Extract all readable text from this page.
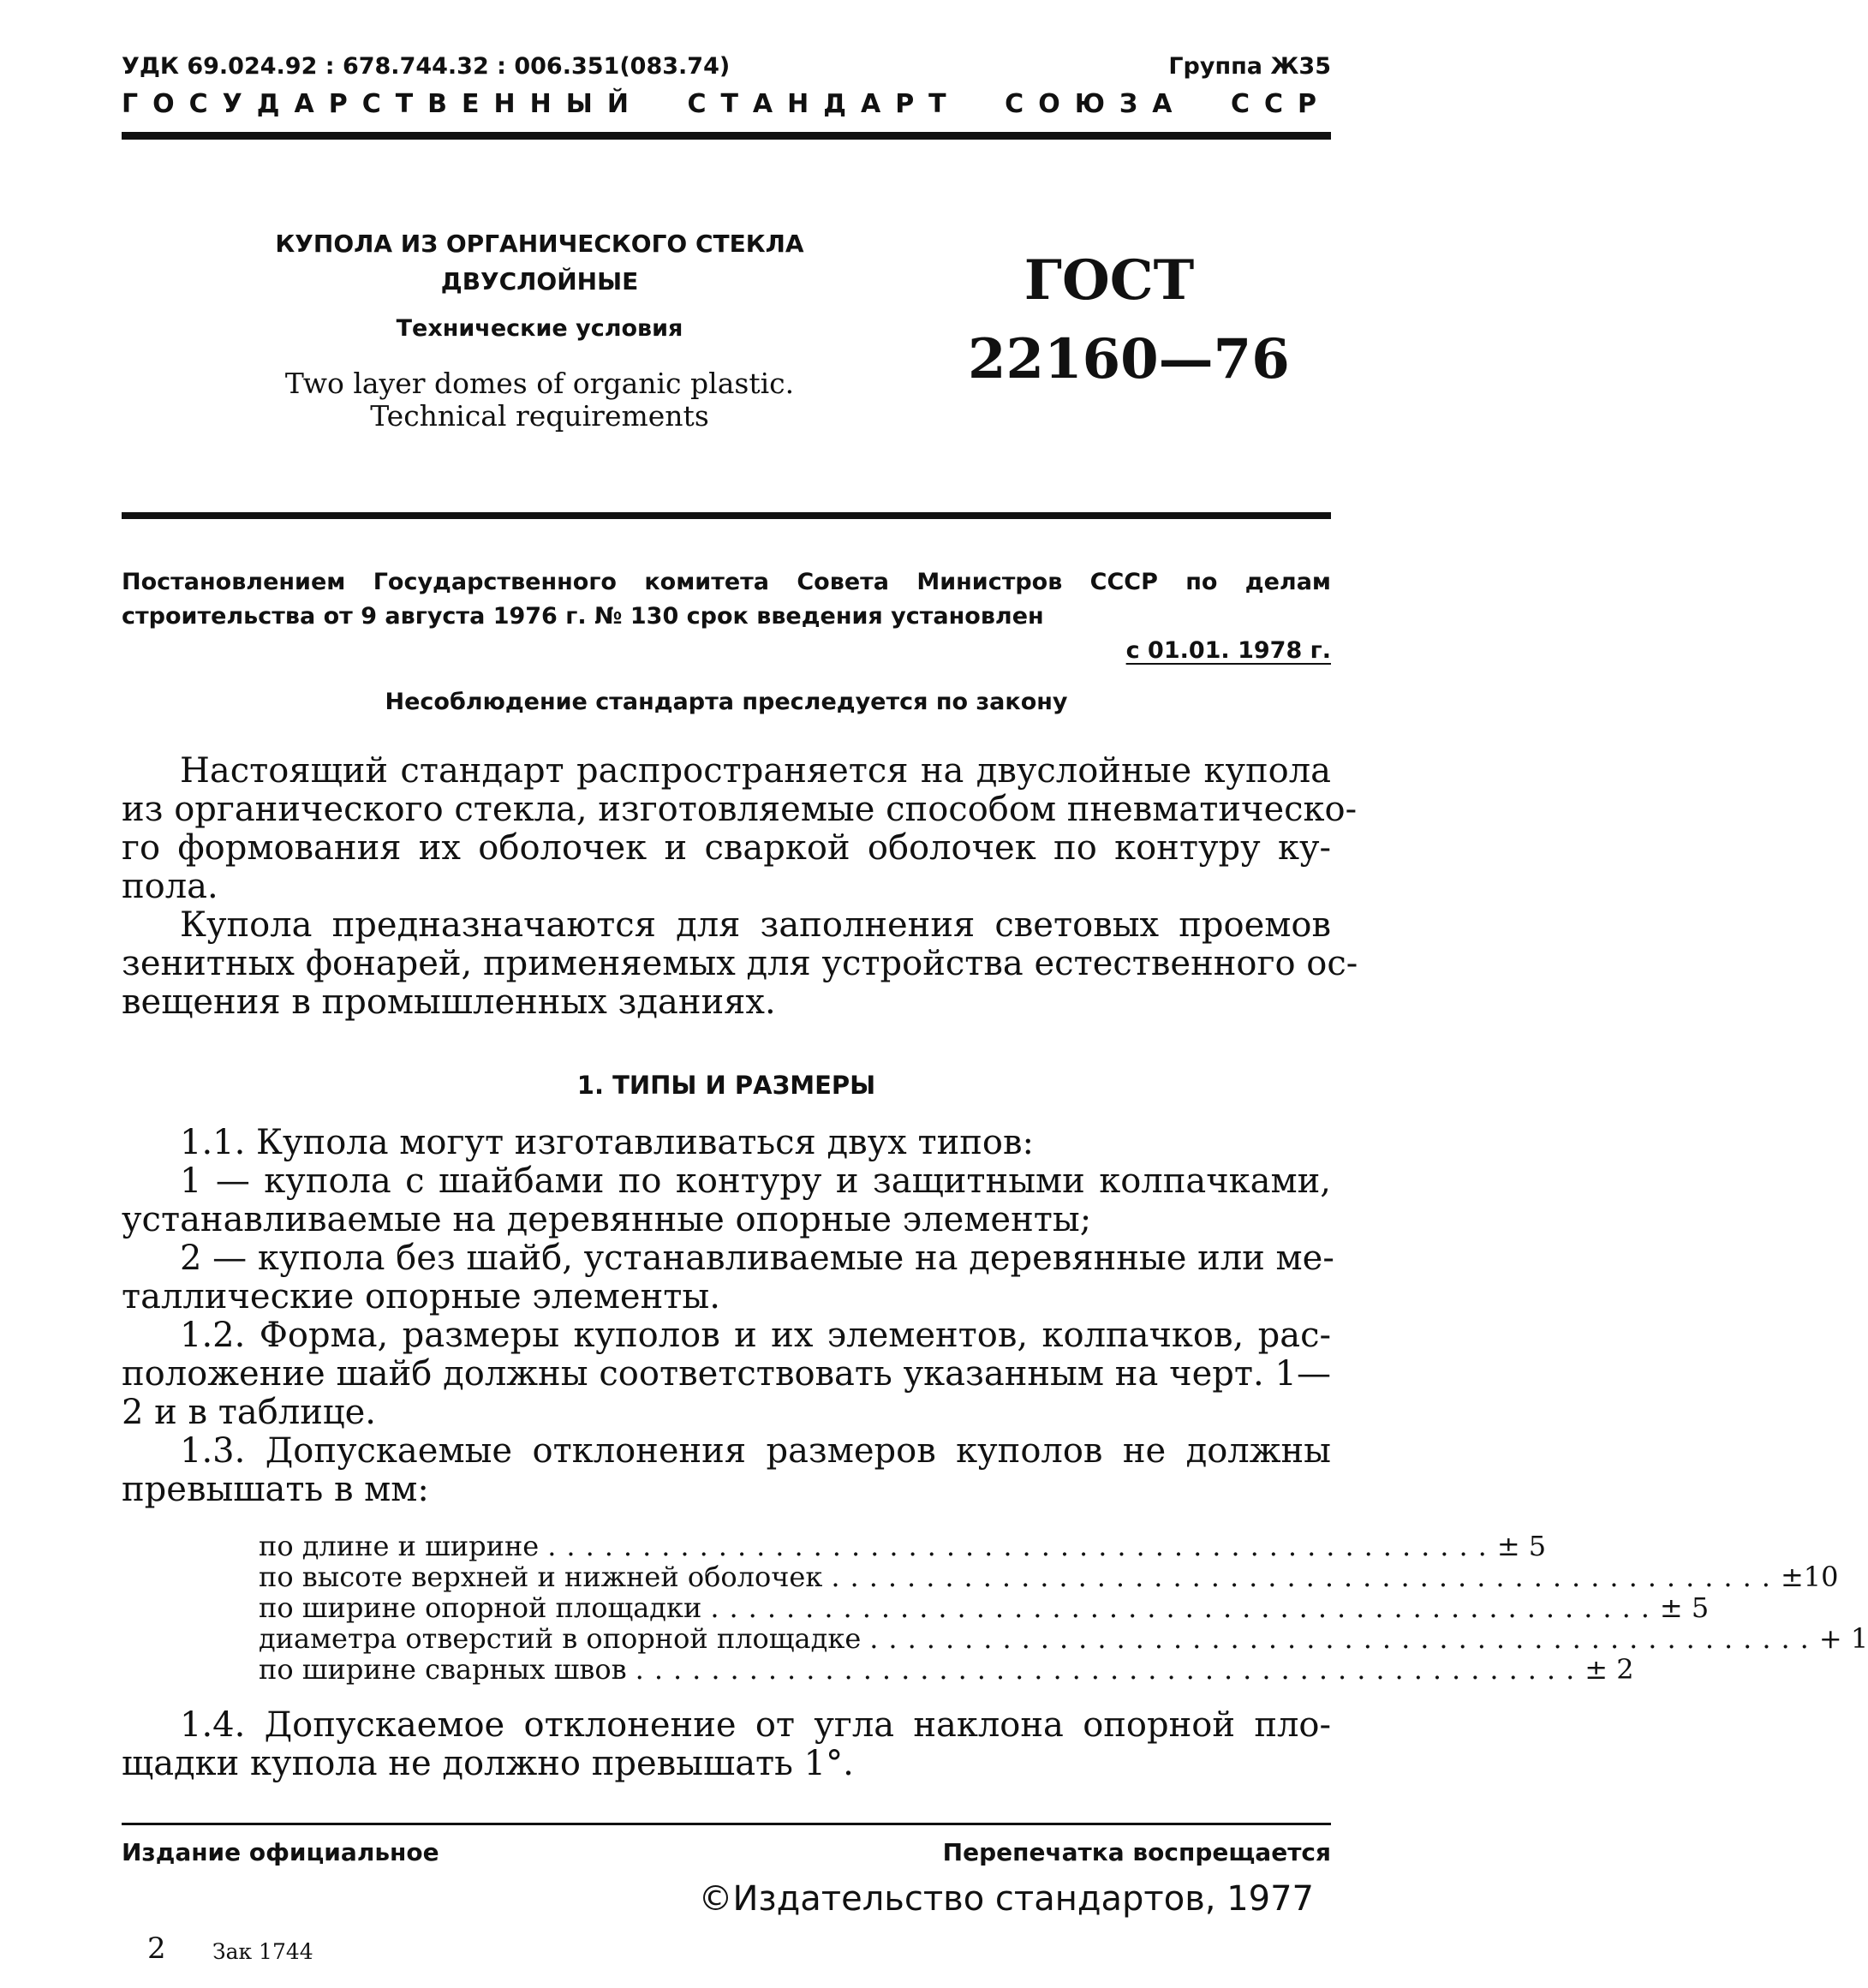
УДК 69.024.92 : 678.744.32 : 006.351(083.74)	Группа Ж35
ГОСУДАРСТВЕННЫЙ СТАНДАРТ СОЮЗА ССР
КУПОЛА ИЗ ОРГАНИЧЕСКОГО СТЕКЛА
ДВУСЛОЙНЫЕ
Технические условия
Two layer domes of organic plastic.
Technical requirements
ГОСТ
22160—76
Постановлением Государственного комитета Совета Министров СССР по делам
строительства от 9 августа 1976 г. № 130 срок введения установлен
с 01.01. 1978 г.
Несоблюдение стандарта преследуется по закону
Настоящий стандарт распространяется на двуслойные купола
из органического стекла, изготовляемые способом пневматическо-
го формования их оболочек и сваркой оболочек по контуру ку-
пола.
Купола предназначаются для заполнения световых проемов
зенитных фонарей, применяемых для устройства естественного ос-
вещения в промышленных зданиях.
1. ТИПЫ И РАЗМЕРЫ
1.1. Купола могут изготавливаться двух типов:
1 — купола с шайбами по контуру и защитными колпачками,
устанавливаемые на деревянные опорные элементы;
2 — купола без шайб, устанавливаемые на деревянные или ме-
таллические опорные элементы.
1.2. Форма, размеры куполов и их элементов, колпачков, рас-
положение шайб должны соответствовать указанным на черт. 1—
2 и в таблице.
1.3. Допускаемые отклонения размеров куполов не должны
превышать в мм:
по длине и ширине .................................................. ± 5
по высоте верхней и нижней оболочек .................................................. ±10
по ширине опорной площадки .................................................. ± 5
диаметра отверстий в опорной площадке .................................................. + 1
по ширине сварных швов .................................................. ± 2
1.4. Допускаемое отклонение от угла наклона опорной пло-
щадки купола не должно превышать 1°.
Издание официальное	Перепечатка воспрещается
©Издательство стандартов, 1977
2 Зак 1744
